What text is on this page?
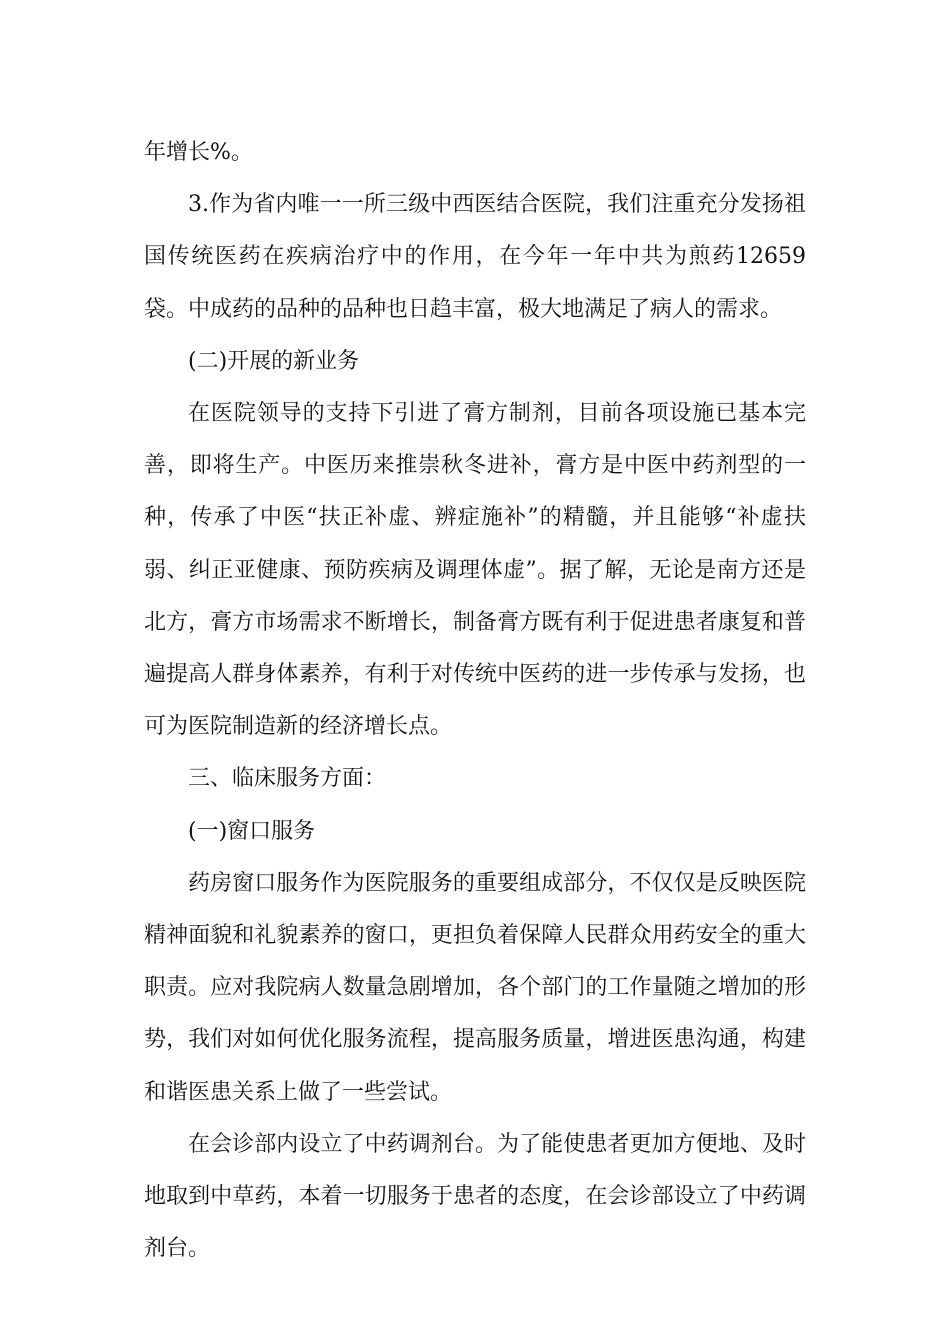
年增长%。

3.作为省内唯一一所三级中西医结合医院，我们注重充分发扬祖国传统医药在疾病治疗中的作用，在今年一年中共为煎药12659袋。中成药的品种的品种也日趋丰富，极大地满足了病人的需求。

(二)开展的新业务

在医院领导的支持下引进了膏方制剂，目前各项设施已基本完善，即将生产。中医历来推崇秋冬进补，膏方是中医中药剂型的一种，传承了中医“扶正补虚、辨症施补”的精髓，并且能够“补虚扶弱、纠正亚健康、预防疾病及调理体虚”。据了解，无论是南方还是北方，膏方市场需求不断增长，制备膏方既有利于促进患者康复和普遍提高人群身体素养，有利于对传统中医药的进一步传承与发扬，也可为医院制造新的经济增长点。

三、临床服务方面：

(一)窗口服务

药房窗口服务作为医院服务的重要组成部分，不仅仅是反映医院精神面貌和礼貌素养的窗口，更担负着保障人民群众用药安全的重大职责。应对我院病人数量急剧增加，各个部门的工作量随之增加的形势，我们对如何优化服务流程，提高服务质量，增进医患沟通，构建和谐医患关系上做了一些尝试。

在会诊部内设立了中药调剂台。为了能使患者更加方便地、及时地取到中草药，本着一切服务于患者的态度，在会诊部设立了中药调剂台。
